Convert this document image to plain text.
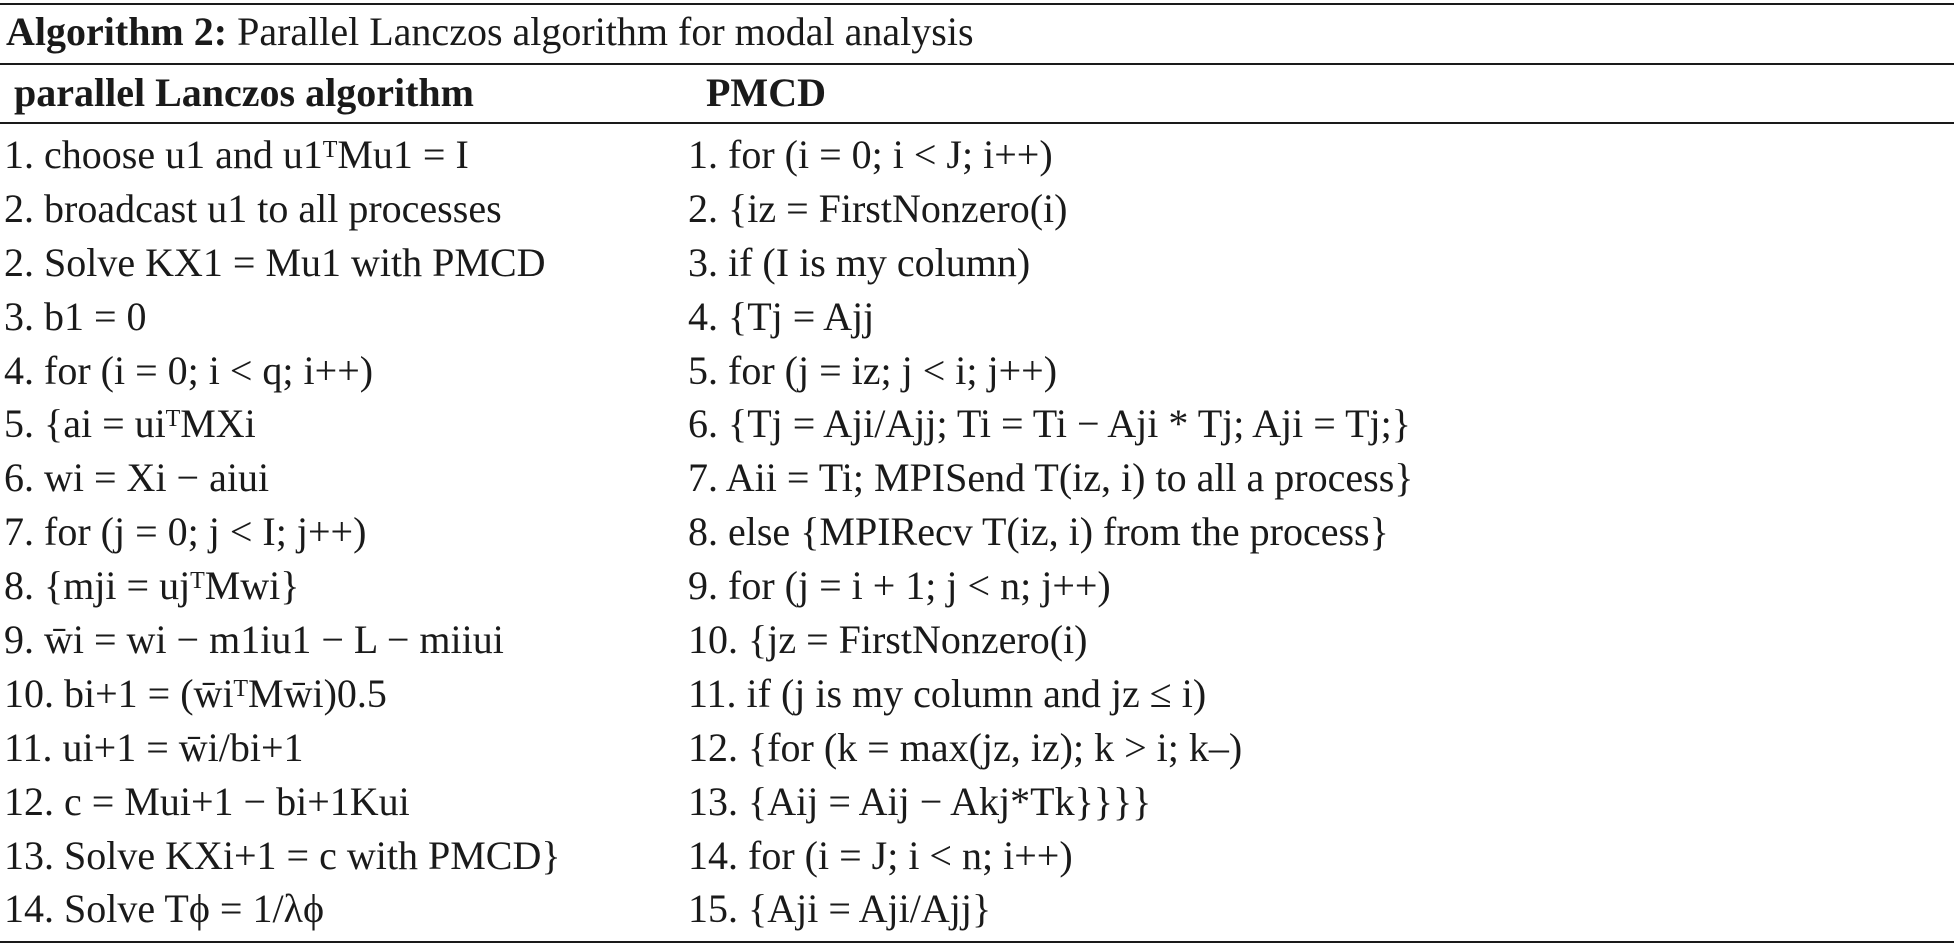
Algorithm 2: Parallel Lanczos algorithm for modal analysis
parallel Lanczos algorithm	PMCD
1. choose u1 and u1ᵀMu1 = I
2. broadcast u1 to all processes
2. Solve KX1 = Mu1 with PMCD
3. b1 = 0
4. for (i = 0; i < q; i++)
5. {ai = uiᵀMXi
6. wi = Xi − aiui
7. for (j = 0; j < I; j++)
8. {mji = ujᵀMwi}
9. w̄i = wi − m1iu1 − L − miiui
10. bi+1 = (w̄iᵀMw̄i)0.5
11. ui+1 = w̄i/bi+1
12. c = Mui+1 − bi+1Kui
13. Solve KXi+1 = c with PMCD}
14. Solve Tϕ = 1/λϕ
1. for (i = 0; i < J; i++)
2. {iz = FirstNonzero(i)
3. if (I is my column)
4. {Tj = Ajj
5. for (j = iz; j < i; j++)
6. {Tj = Aji/Ajj; Ti = Ti − Aji * Tj; Aji = Tj;}
7. Aii = Ti; MPISend T(iz, i) to all a process}
8. else {MPIRecv T(iz, i) from the process}
9. for (j = i + 1; j < n; j++)
10. {jz = FirstNonzero(i)
11. if (j is my column and jz ≤ i)
12. {for (k = max(jz, iz); k > i; k–)
13. {Aij = Aij − Akj*Tk}}}}
14. for (i = J; i < n; i++)
15. {Aji = Aji/Ajj}
